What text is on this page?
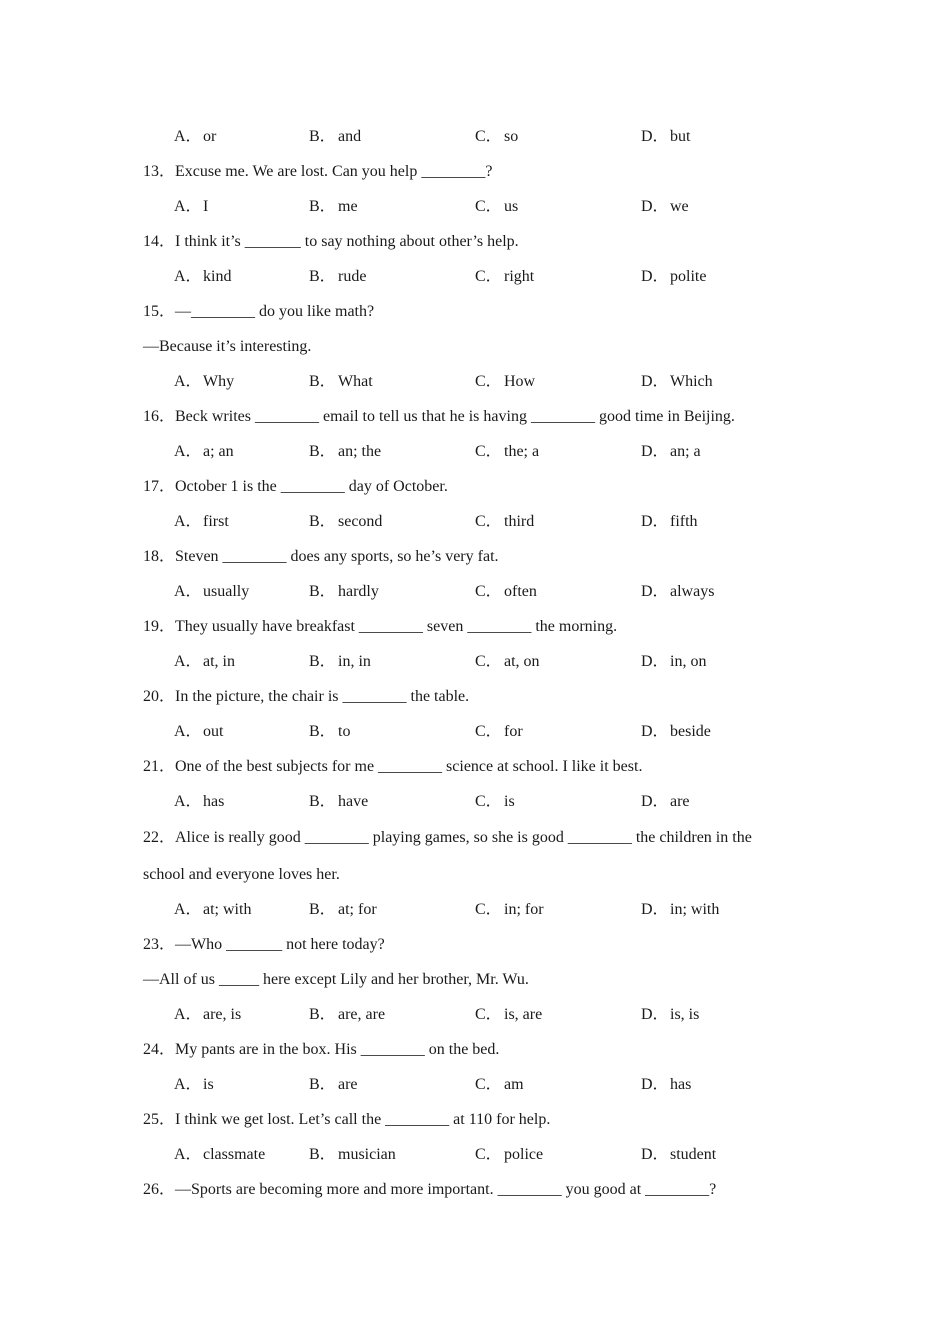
A．or	B． and	C． so	D．but
13．Excuse me. We are lost. Can you help ________?
A．I	B． me	C． us	D．we
14．I think it’s _______ to say nothing about other’s help.
A．kind	B． rude	C． right	D．polite
15．—________ do you like math?
—Because it’s interesting.
A．Why	B． What	C． How	D．Which
16．Beck writes ________ email to tell us that he is having ________ good time in Beijing.
A．a; an	B． an; the	C． the; a	D．an; a
17．October 1 is the ________ day of October.
A．first	B． second	C． third	D．fifth
18．Steven ________ does any sports, so he’s very fat.
A．usually	B． hardly	C． often	D．always
19．They usually have breakfast ________ seven ________ the morning.
A．at, in	B． in, in	C． at, on	D．in, on
20．In the picture, the chair is ________ the table.
A．out	B． to	C． for	D．beside
21．One of the best subjects for me ________ science at school. I like it best.
A．has	B． have	C． is	D．are
22．Alice is really good ________ playing games, so she is good ________ the children in the
school and everyone loves her.
A．at; with	B． at; for	C． in; for	D．in; with
23．—Who _______ not here today?
—All of us _____ here except Lily and her brother, Mr. Wu.
A．are, is	B． are, are	C． is, are	D．is, is
24．My pants are in the box. His ________ on the bed.
A．is	B． are	C． am	D．has
25．I think we get lost. Let’s call the ________ at 110 for help.
A．classmate	B． musician	C． police	D．student
26．—Sports are becoming more and more important. ________ you good at ________?
